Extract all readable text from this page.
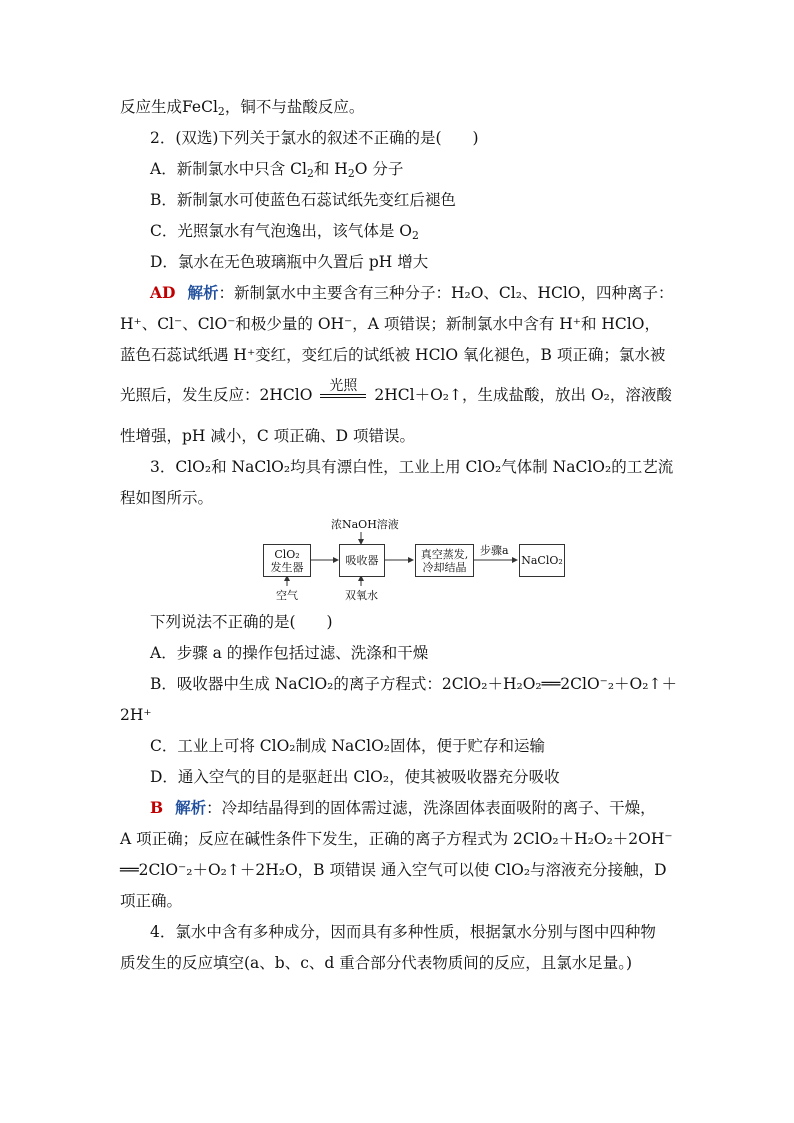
反应生成FeCl$_2$，铜不与盐酸反应。
2．(双选)下列关于氯水的叙述不正确的是(　　)
A．新制氯水中只含 $Cl_2$和 $H_2O$ 分子
B．新制氯水可使蓝色石蕊试纸先变红后褪色
C．光照氯水有气泡逸出，该气体是 $O_2$
D．氯水在无色玻璃瓶中久置后 pH 增大
AD 解析：新制氯水中主要含有三种分子：H₂O、Cl₂、HClO，四种离子：
H⁺、Cl⁻、ClO⁻和极少量的 OH⁻，A 项错误；新制氯水中含有 H⁺和 HClO，
蓝色石蕊试纸遇 H⁺变红，变红后的试纸被 HClO 氧化褪色，B 项正确；氯水被
光照后，发生反应：2HClO	光照	2HCl＋O₂↑，生成盐酸，放出 O₂，溶液酸
性增强，pH 减小，C 项正确、D 项错误。
3．ClO₂和 NaClO₂均具有漂白性，工业上用 ClO₂气体制 NaClO₂的工艺流
程如图所示。
ClO₂
发生器	吸收器	真空蒸发,
冷却结晶	NaClO₂
浓NaOH溶液
步骤a
空气	双氧水
下列说法不正确的是(　　)
A．步骤 a 的操作包括过滤、洗涤和干燥
B．吸收器中生成 NaClO₂的离子方程式：2ClO₂＋H₂O₂══2ClO⁻₂＋O₂↑＋
2H⁺
C．工业上可将 ClO₂制成 NaClO₂固体，便于贮存和运输
D．通入空气的目的是驱赶出 ClO₂，使其被吸收器充分吸收
B 解析：冷却结晶得到的固体需过滤，洗涤固体表面吸附的离子、干燥，
A 项正确；反应在碱性条件下发生，正确的离子方程式为 2ClO₂＋H₂O₂＋2OH⁻
══2ClO⁻₂＋O₂↑＋2H₂O，B 项错误 通入空气可以使 ClO₂与溶液充分接触，D
项正确。
4．氯水中含有多种成分，因而具有多种性质，根据氯水分别与图中四种物
质发生的反应填空(a、b、c、d 重合部分代表物质间的反应，且氯水足量。)
